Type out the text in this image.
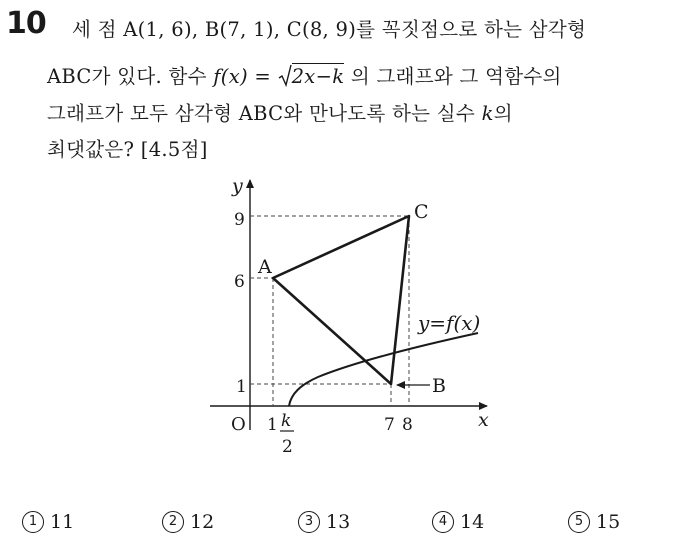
10 세 점 A(1, 6), B(7, 1), C(8, 9)를 꼭짓점으로 하는 삼각형
ABC가 있다. 함수 f(x) = 2x−k 의 그래프와 그 역함수의
그래프가 모두 삼각형 ABC와 만나도록 하는 실수 k의
최댓값은? [4.5점]
y
x
O
9
6
1
1 k
2
7 8
A
B
C
y=f(x)
1 11	2 12	3 13	4 14	5 15
